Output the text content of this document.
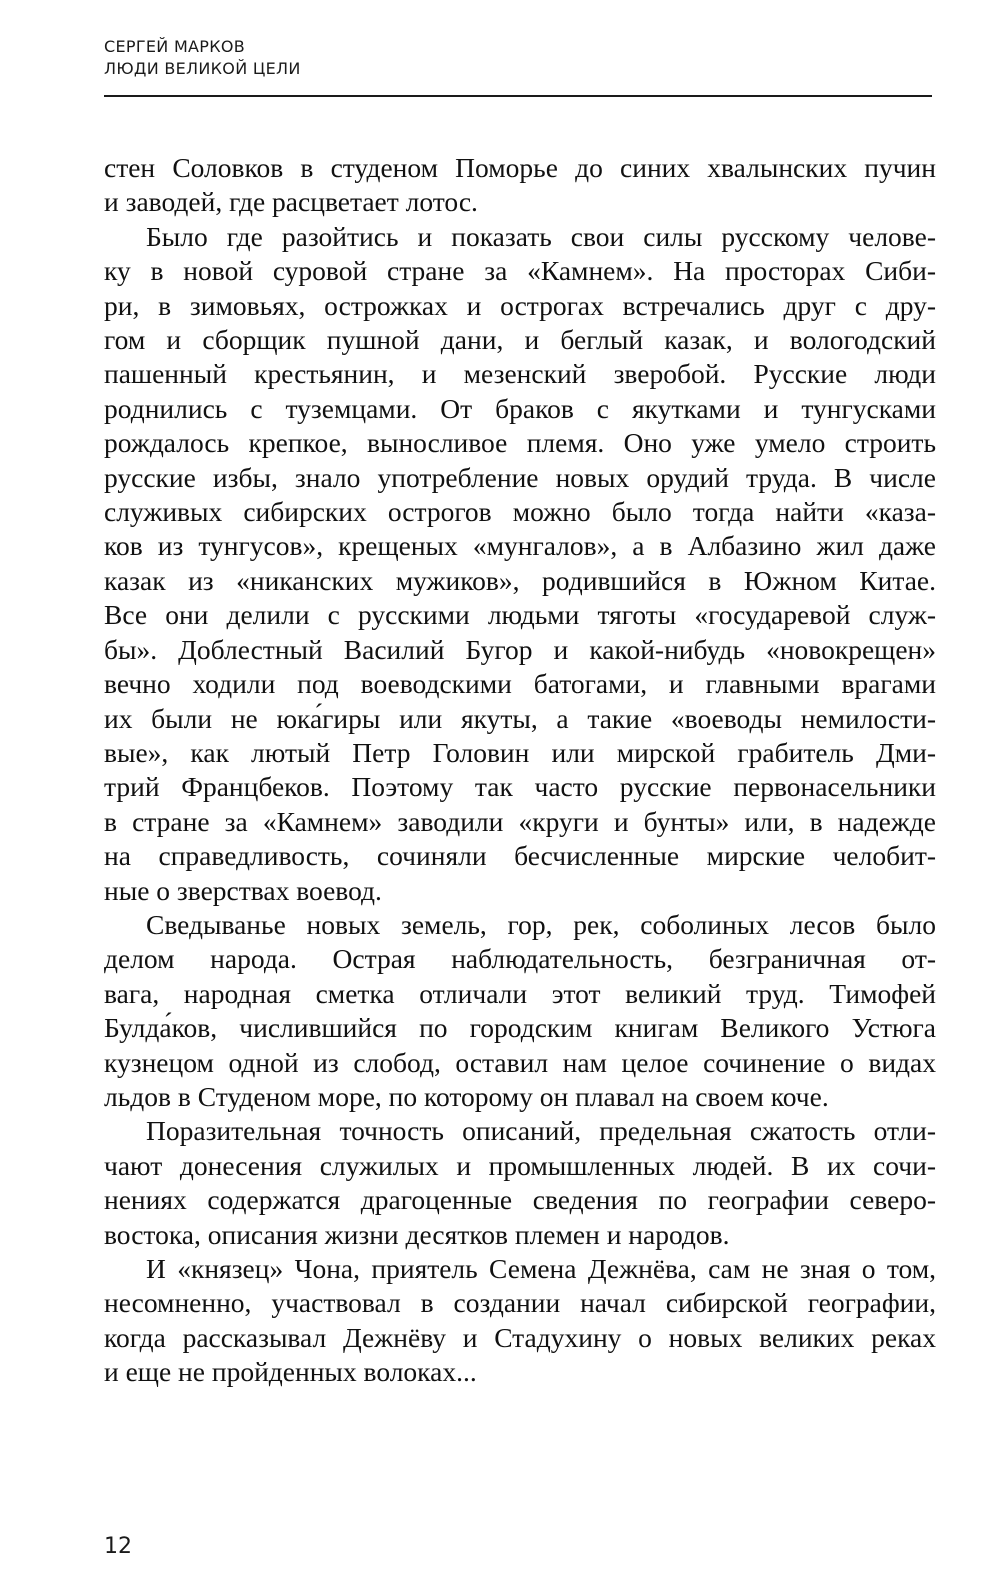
СЕРГЕЙ МАРКОВ
ЛЮДИ ВЕЛИКОЙ ЦЕЛИ

стен Соловков в студеном Поморье до синих хвалынских пучин
и заводей, где расцветает лотос.

Было где разойтись и показать свои силы русскому челове-
ку в новой суровой стране за «Камнем». На просторах Сиби-
ри, в зимовьях, острожках и острогах встречались друг с дру-
гом и сборщик пушной дани, и беглый казак, и вологодский
пашенный крестьянин, и мезенский зверобой. Русские люди
роднились с туземцами. От браков с якутками и тунгусками
рождалось крепкое, выносливое племя. Оно уже умело строить
русские избы, знало употребление новых орудий труда. В числе
служивых сибирских острогов можно было тогда найти «каза-
ков из тунгусов», крещеных «мунгалов», а в Албазино жил даже
казак из «никанских мужиков», родившийся в Южном Китае.
Все они делили с русскими людьми тяготы «государевой служ-
бы». Доблестный Василий Бугор и какой-нибудь «новокрещен»
вечно ходили под воеводскими батогами, и главными врагами
их были не юка́гиры или якуты, а такие «воеводы немилости-
вые», как лютый Петр Головин или мирской грабитель Дми-
трий Францбеков. Поэтому так часто русские первонасельники
в стране за «Камнем» заводили «круги и бунты» или, в надежде
на справедливость, сочиняли бесчисленные мирские челобит-
ные о зверствах воевод.

Сведыванье новых земель, гор, рек, соболиных лесов было
делом народа. Острая наблюдательность, безграничная от-
вага, народная сметка отличали этот великий труд. Тимофей
Булда́ков, числившийся по городским книгам Великого Устюга
кузнецом одной из слобод, оставил нам целое сочинение о видах
льдов в Студеном море, по которому он плавал на своем коче.

Поразительная точность описаний, предельная сжатость отли-
чают донесения служилых и промышленных людей. В их сочи-
нениях содержатся драгоценные сведения по географии северо-
востока, описания жизни десятков племен и народов.

И «князец» Чона, приятель Семена Дежнёва, сам не зная о том,
несомненно, участвовал в создании начал сибирской географии,
когда рассказывал Дежнёву и Стадухину о новых великих реках
и еще не пройденных волоках...

12
